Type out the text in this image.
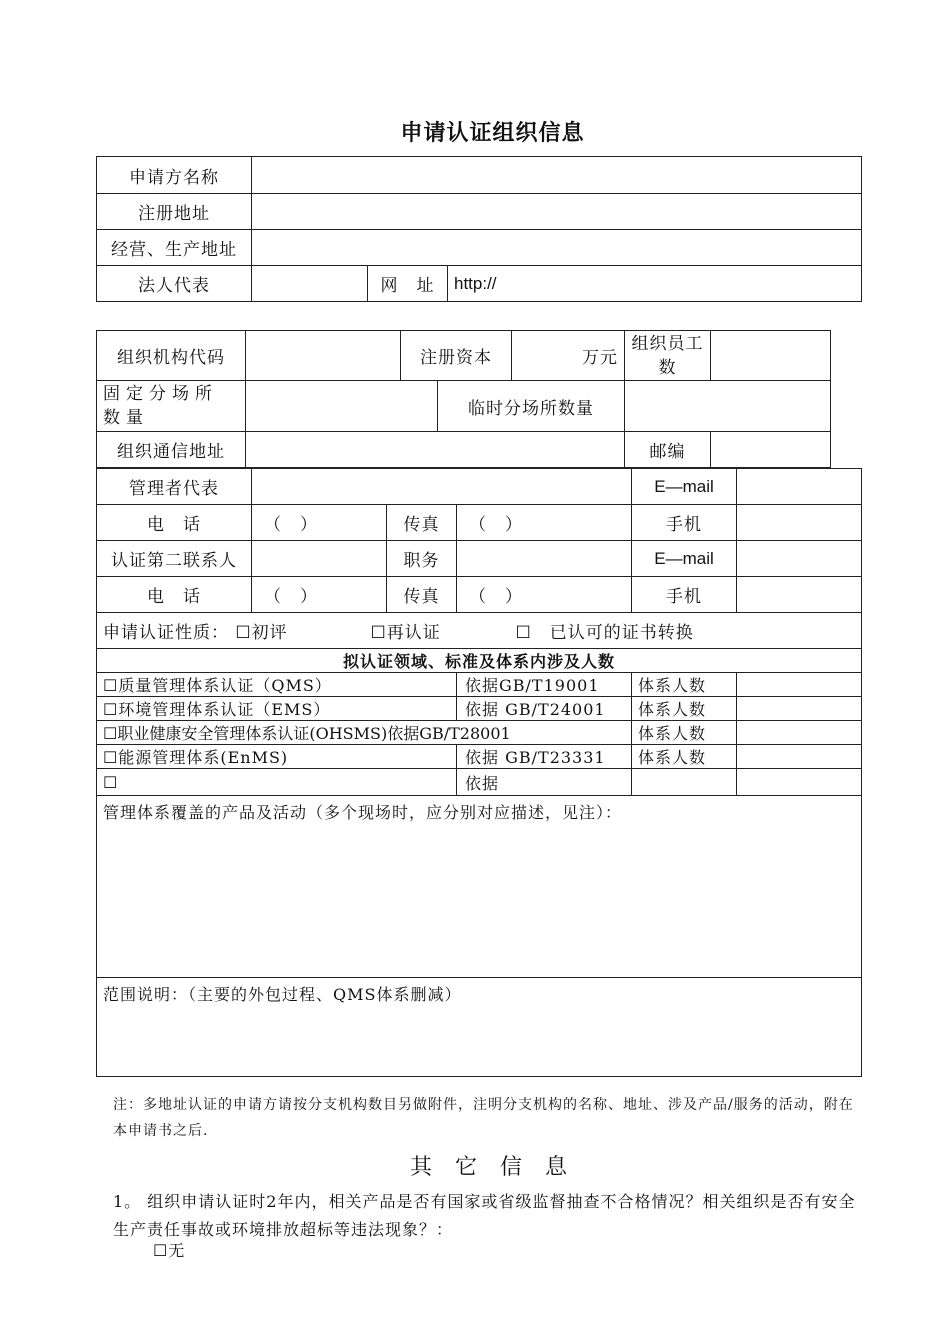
申请认证组织信息
申请方名称			
注册地址			
经营、生产地址			
法人代表		网　址	http://
组织机构代码		注册资本		万元	组织员工数	
固定分场所数量			临时分场所数量			
组织通信地址					邮编	
管理者代表				E—mail	
电　话	（　）	传真	（　）	手机	
认证第二联系人		职务		E—mail	
电　话	（　）	传真	（　）	手机	
申请认证性质： ☐初评 ☐再认证 ☐　已认可的证书转换					
拟认证领域、标准及体系内涉及人数					
☐质量管理体系认证（QMS）			依据GB/T19001	体系人数	
☐环境管理体系认证（EMS）			依据 GB/T24001	体系人数	
☐职业健康安全管理体系认证(OHSMS)依据GB/T28001				体系人数	
☐能源管理体系(EnMS)			依据 GB/T23331	体系人数	
☐			依据		
管理体系覆盖的产品及活动（多个现场时，应分别对应描述，见注）：					
范围说明：（主要的外包过程、QMS体系删减）					
注：多地址认证的申请方请按分支机构数目另做附件，注明分支机构的名称、地址、涉及产品/服务的活动，附在本申请书之后.
其 它 信 息
1。 组织申请认证时2年内，相关产品是否有国家或省级监督抽查不合格情况？相关组织是否有安全生产责任事故或环境排放超标等违法现象？：
☐无
